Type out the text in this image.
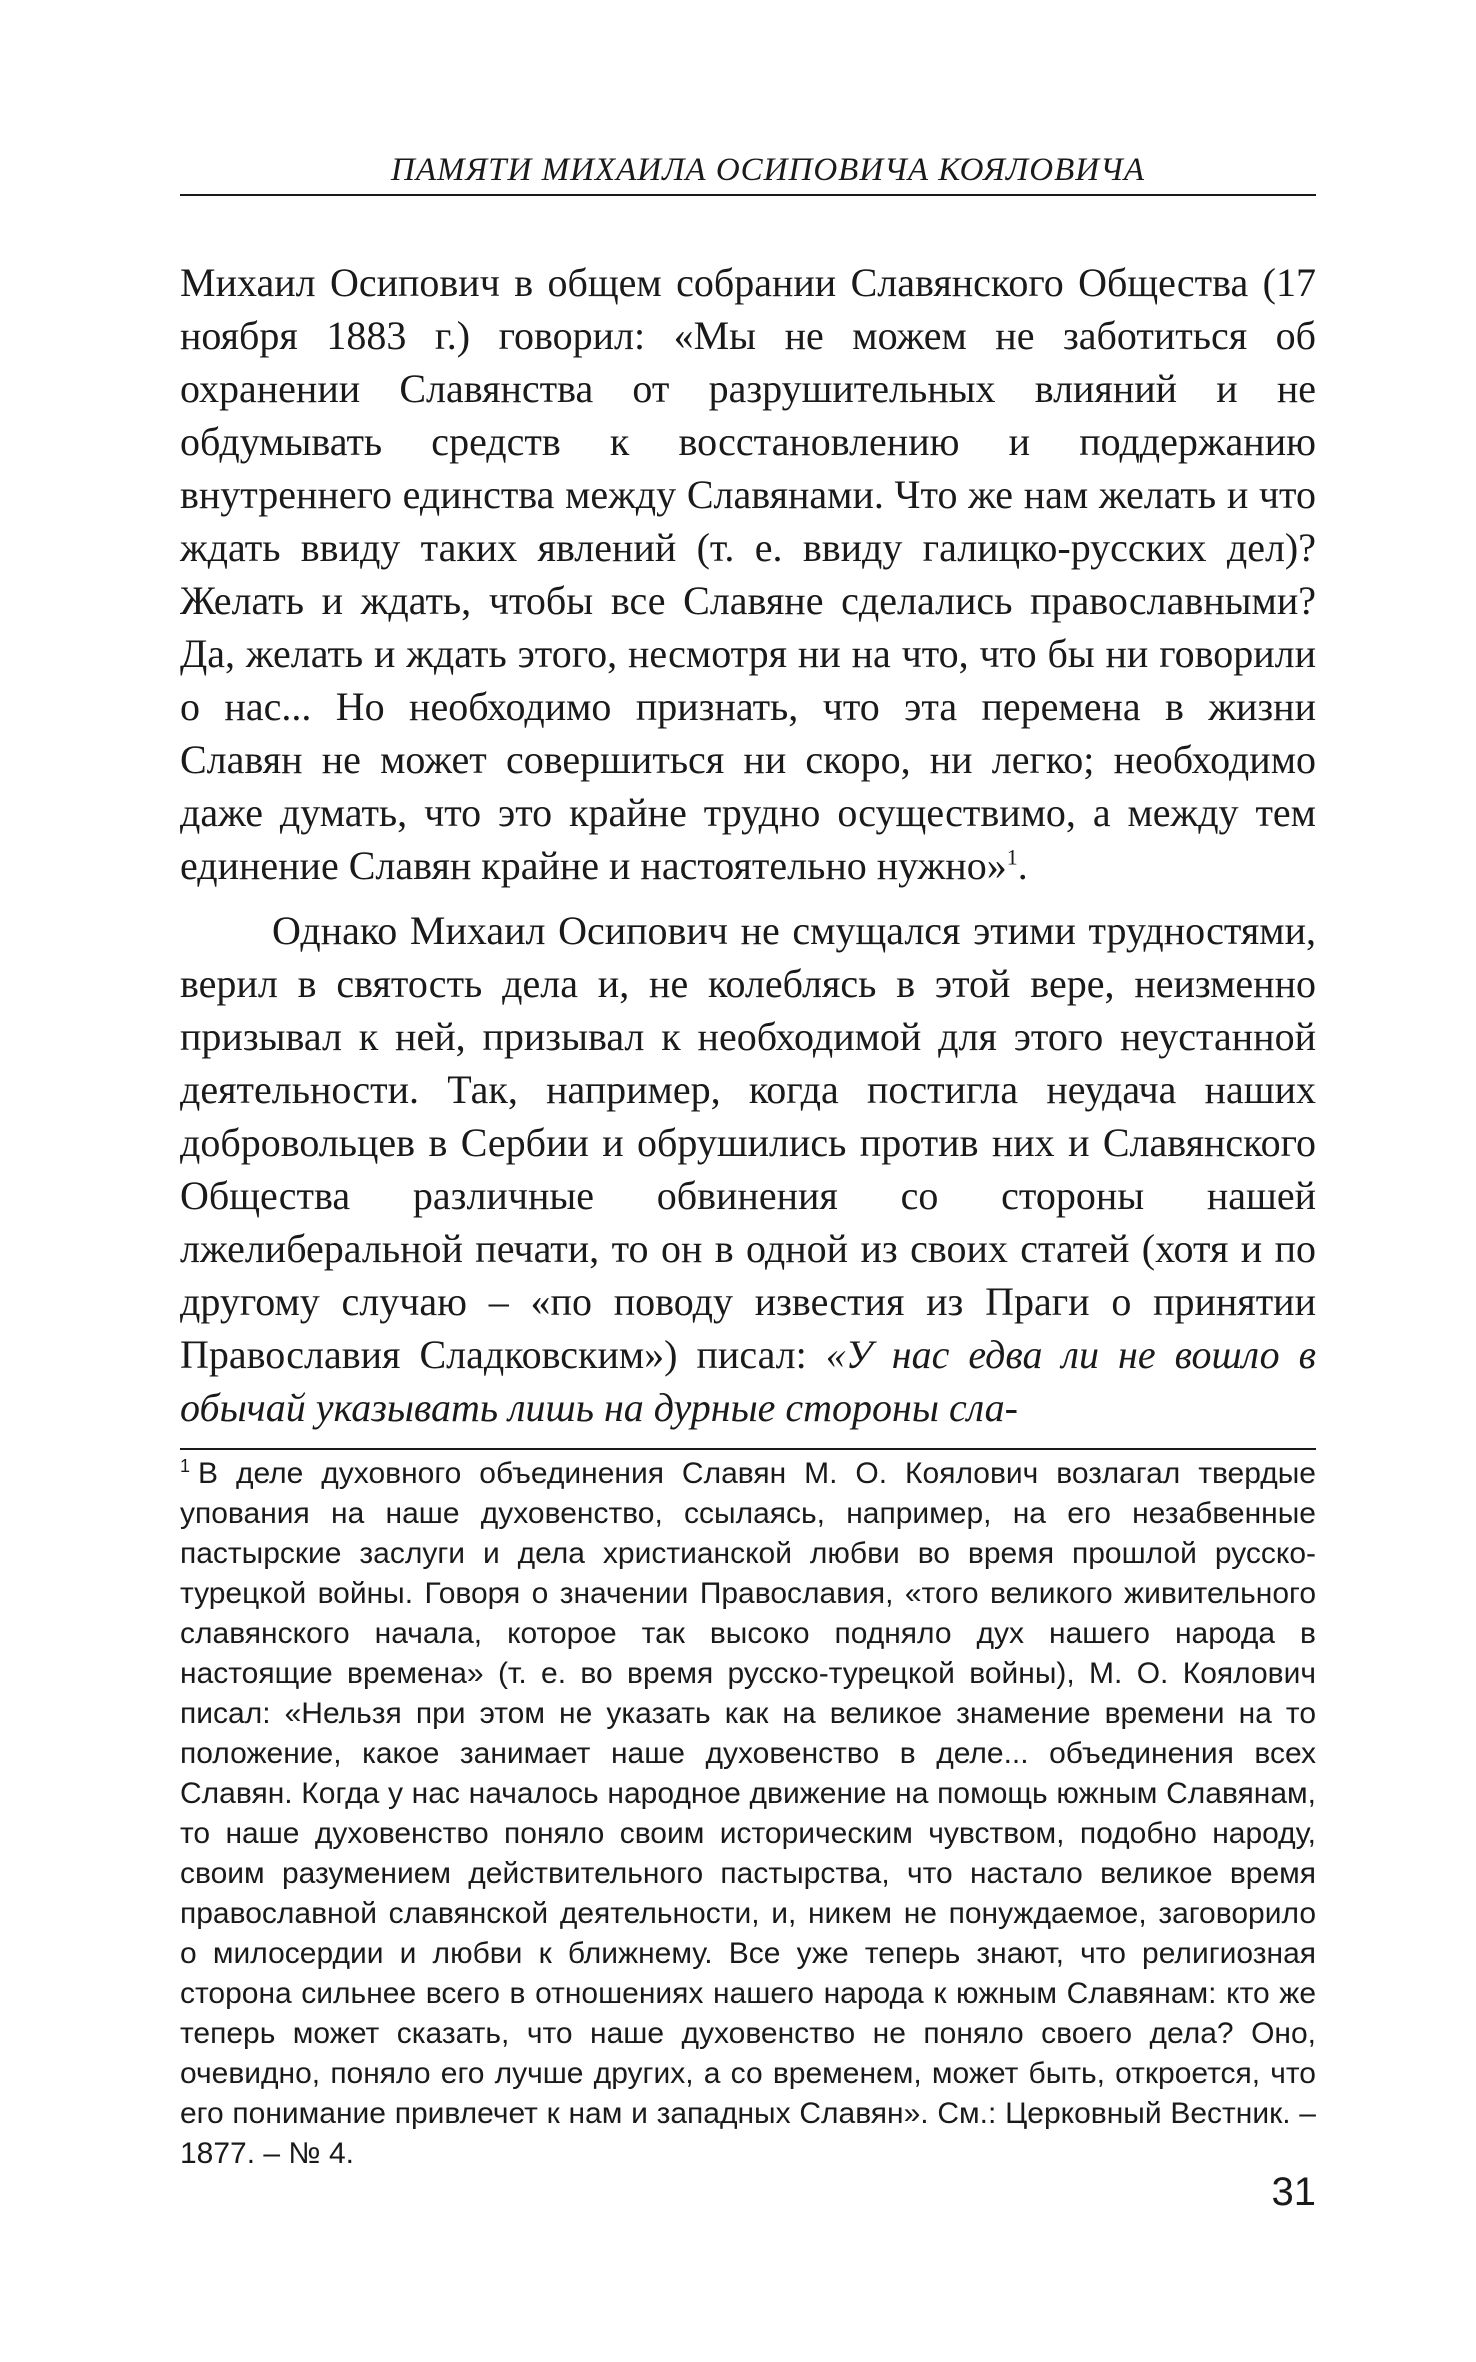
ПАМЯТИ МИХАИЛА ОСИПОВИЧА КОЯЛОВИЧА

Михаил Осипович в общем собрании Славянского Общества (17 ноября 1883 г.) говорил: «Мы не можем не заботиться об охранении Славянства от разрушительных влияний и не обдумывать средств к восстановлению и поддержанию внутреннего единства между Славянами. Что же нам желать и что ждать ввиду таких явлений (т. е. ввиду галицко-русских дел)? Желать и ждать, чтобы все Славяне сделались православными? Да, желать и ждать этого, несмотря ни на что, что бы ни говорили о нас... Но необходимо признать, что эта перемена в жизни Славян не может совершиться ни скоро, ни легко; необходимо даже думать, что это крайне трудно осуществимо, а между тем единение Славян крайне и настоятельно нужно»$^1$.

Однако Михаил Осипович не смущался этими трудностями, верил в святость дела и, не колеблясь в этой вере, неизменно призывал к ней, призывал к необходимой для этого неустанной деятельности. Так, например, когда постигла неудача наших добровольцев в Сербии и обрушились против них и Славянского Общества различные обвинения со стороны нашей лжелиберальной печати, то он в одной из своих статей (хотя и по другому случаю – «по поводу известия из Праги о принятии Православия Сладковским») писал: «У нас едва ли не вошло в обычай указывать лишь на дурные стороны сла-

$^1$ В деле духовного объединения Славян М. О. Коялович возлагал твердые упования на наше духовенство, ссылаясь, например, на его незабвенные пастырские заслуги и дела христианской любви во время прошлой русско-турецкой войны. Говоря о значении Православия, «того великого живительного славянского начала, которое так высоко подняло дух нашего народа в настоящие времена» (т. е. во время русско-турецкой войны), М. О. Коялович писал: «Нельзя при этом не указать как на великое знамение времени на то положение, какое занимает наше духовенство в деле... объединения всех Славян. Когда у нас началось народное движение на помощь южным Славянам, то наше духовенство поняло своим историческим чувством, подобно народу, своим разумением действительного пастырства, что настало великое время православной славянской деятельности, и, никем не понуждаемое, заговорило о милосердии и любви к ближнему. Все уже теперь знают, что религиозная сторона сильнее всего в отношениях нашего народа к южным Славянам: кто же теперь может сказать, что наше духовенство не поняло своего дела? Оно, очевидно, поняло его лучше других, а со временем, может быть, откроется, что его понимание привлечет к нам и западных Славян». См.: Церковный Вестник. – 1877. – № 4.
31
